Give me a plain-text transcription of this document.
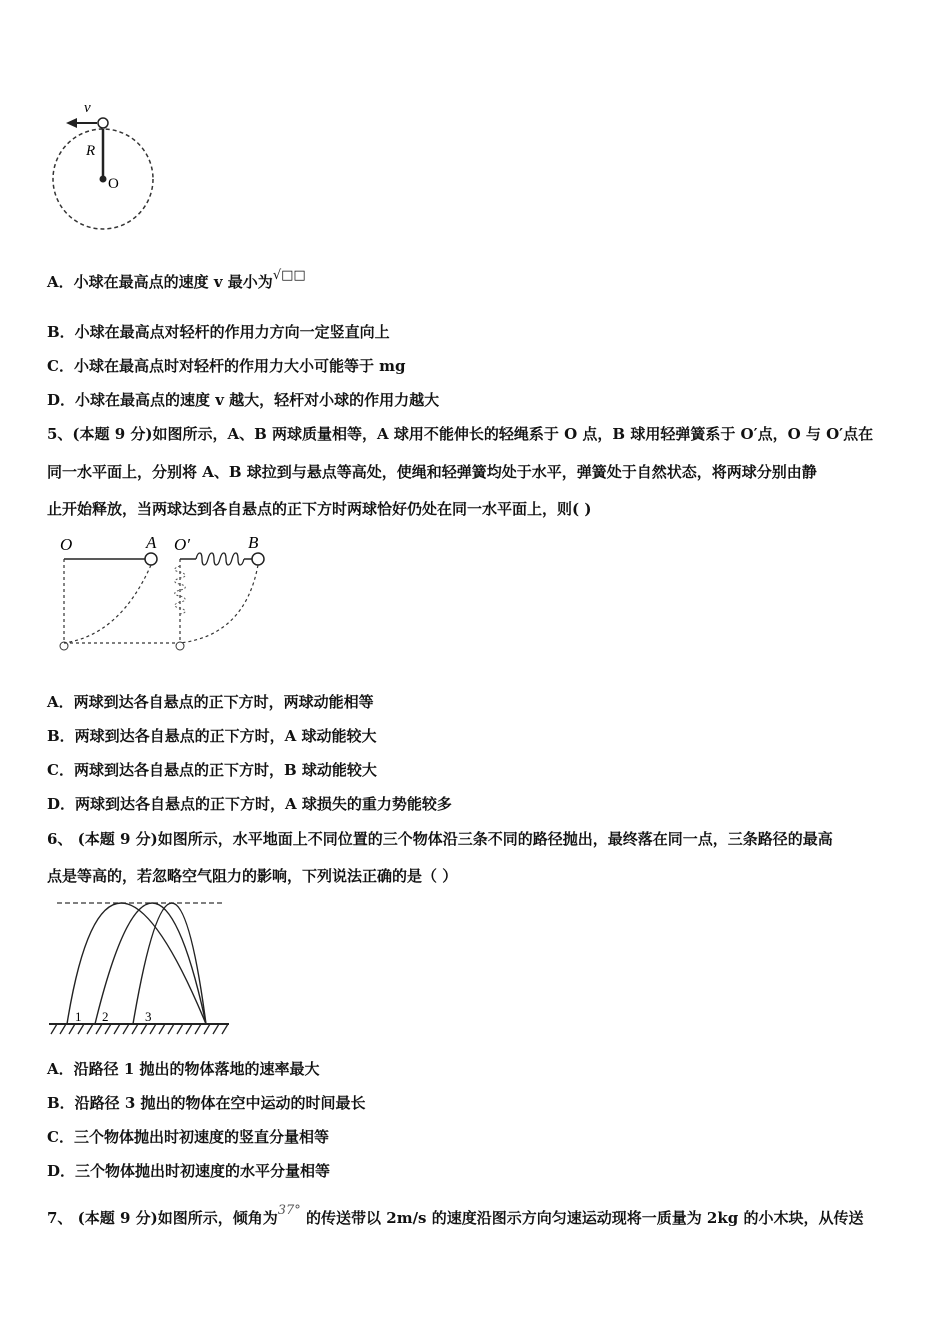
v
R
O
A．小球在最高点的速度 v 最小为√□□
B．小球在最高点对轻杆的作用力方向一定竖直向上
C．小球在最高点时对轻杆的作用力大小可能等于 mg
D．小球在最高点的速度 v 越大，轻杆对小球的作用力越大
5、(本题 9 分)如图所示，A、B 两球质量相等，A 球用不能伸长的轻绳系于 O 点，B 球用轻弹簧系于 O′点，O 与 O′点在
同一水平面上，分别将 A、B 球拉到与悬点等高处，使绳和轻弹簧均处于水平，弹簧处于自然状态，将两球分别由静
止开始释放，当两球达到各自悬点的正下方时两球恰好仍处在同一水平面上，则( )
O	A O′	B
A．两球到达各自悬点的正下方时，两球动能相等
B．两球到达各自悬点的正下方时，A 球动能较大
C．两球到达各自悬点的正下方时，B 球动能较大
D．两球到达各自悬点的正下方时，A 球损失的重力势能较多
6、 (本题 9 分)如图所示，水平地面上不同位置的三个物体沿三条不同的路径抛出，最终落在同一点，三条路径的最高
点是等高的，若忽略空气阻力的影响，下列说法正确的是（ ）
1 2	3
A．沿路径 1 抛出的物体落地的速率最大
B．沿路径 3 抛出的物体在空中运动的时间最长
C．三个物体抛出时初速度的竖直分量相等
D．三个物体抛出时初速度的水平分量相等
7、 (本题 9 分)如图所示，倾角为37° 的传送带以 2m/s 的速度沿图示方向匀速运动现将一质量为 2kg 的小木块，从传送
